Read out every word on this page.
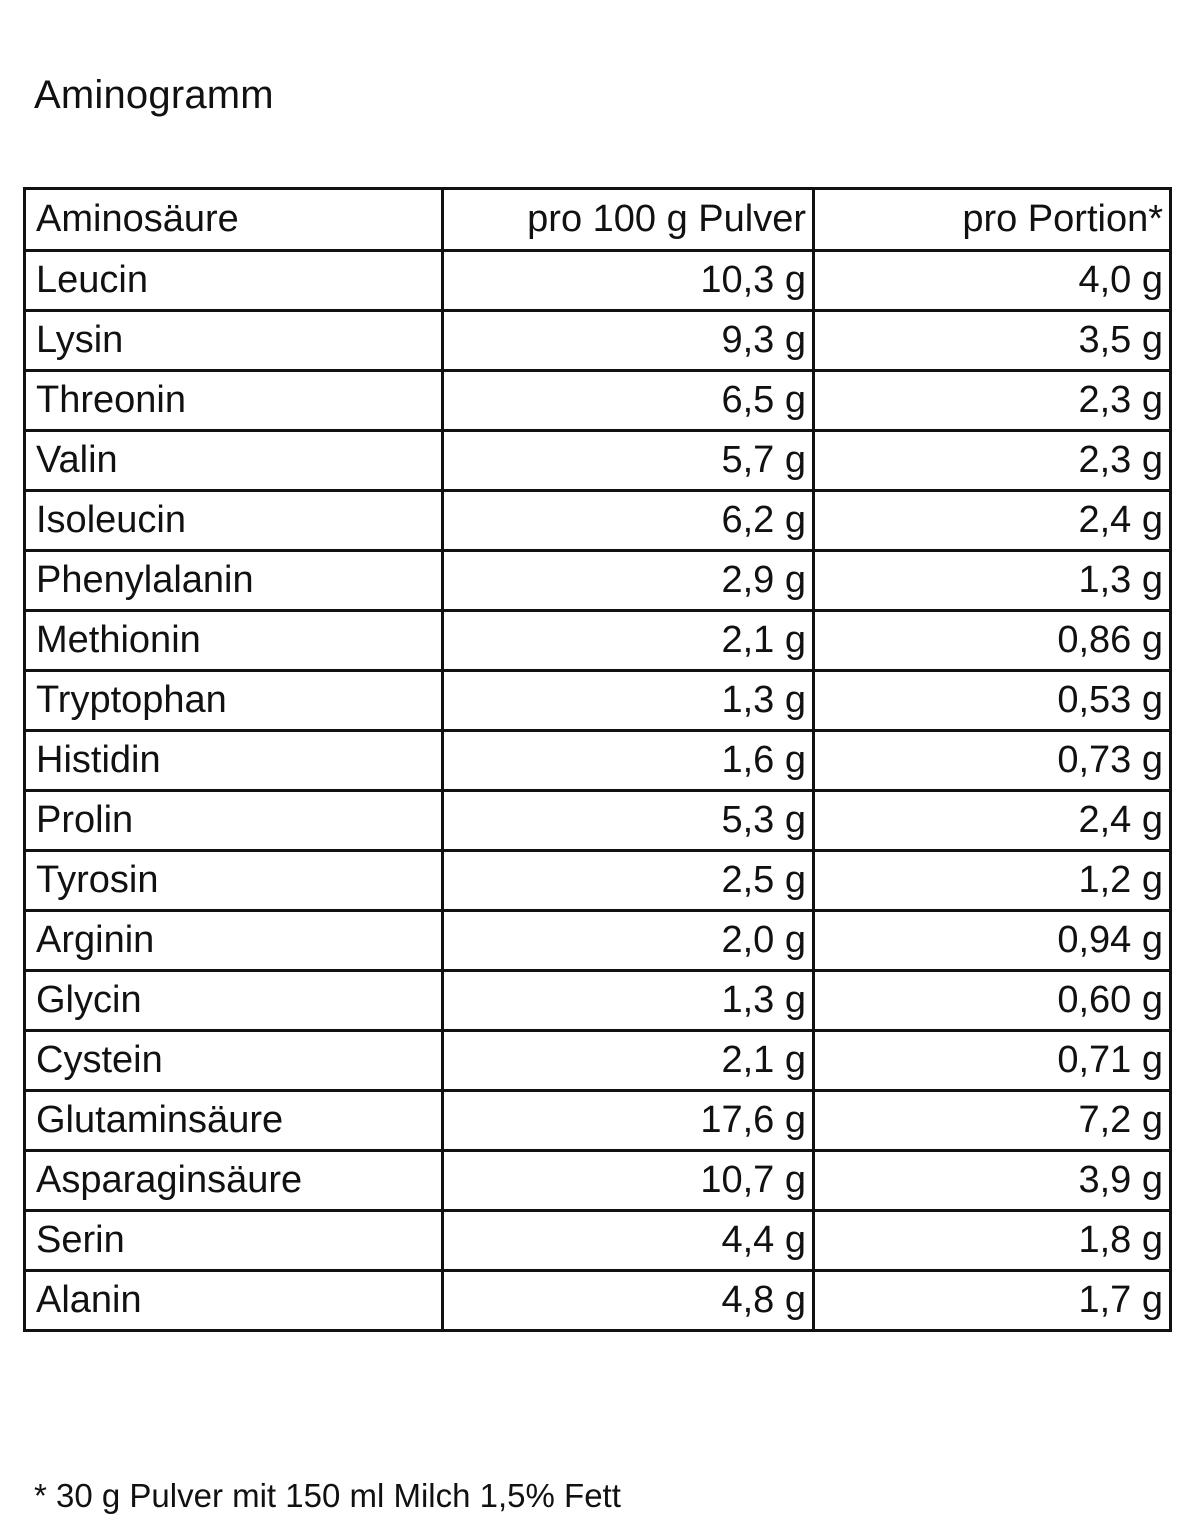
Aminogramm
Aminosäure	pro 100 g Pulver	pro Portion*
Leucin	10,3 g	4,0 g
Lysin	9,3 g	3,5 g
Threonin	6,5 g	2,3 g
Valin	5,7 g	2,3 g
Isoleucin	6,2 g	2,4 g
Phenylalanin	2,9 g	1,3 g
Methionin	2,1 g	0,86 g
Tryptophan	1,3 g	0,53 g
Histidin	1,6 g	0,73 g
Prolin	5,3 g	2,4 g
Tyrosin	2,5 g	1,2 g
Arginin	2,0 g	0,94 g
Glycin	1,3 g	0,60 g
Cystein	2,1 g	0,71 g
Glutaminsäure	17,6 g	7,2 g
Asparaginsäure	10,7 g	3,9 g
Serin	4,4 g	1,8 g
Alanin	4,8 g	1,7 g
* 30 g Pulver mit 150 ml Milch 1,5% Fett
